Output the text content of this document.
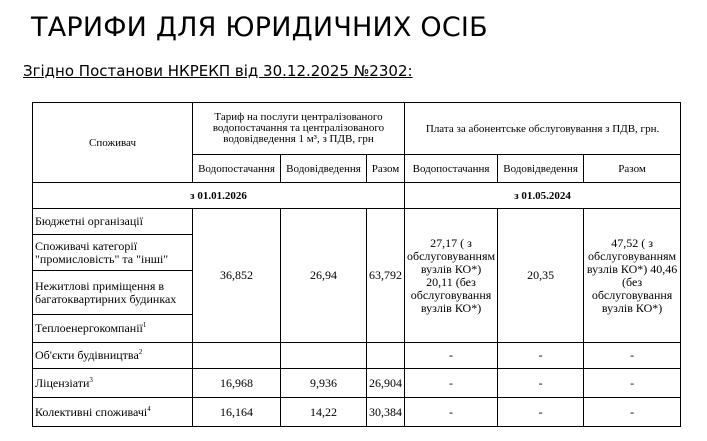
ТАРИФИ ДЛЯ ЮРИДИЧНИХ ОСІБ
Згідно Постанови НКРЕКП від 30.12.2025 №2302:
Споживач	Тариф на послуги централізованого водопостачання та централізованого водовідведення 1 м³, з ПДВ, грн			Плата за абонентське обслуговування з ПДВ, грн.		
	Водопостачання	Водовідведення	Разом	Водопостачання	Водовідведення	Разом
з 01.01.2026				з 01.05.2024		
Бюджетні організації	36,852	26,94	63,792	27,17 ( з обслуговуванням вузлів КО*) 20,11 (без обслуговування вузлів КО*)	20,35	47,52 ( з обслуговуванням вузлів КО*) 40,46 (без обслуговування вузлів КО*)
Споживачі категорії "промисловість" та "інші"						
Нежитлові приміщення в багатоквартирних будинках						
Теплоенергокомпанії$^1$
Об'єкти будівництва$^2$				-	-	-
Ліцензіати$^3$	16,968	9,936	26,904	-	-	-
Колективні споживачі$^4$	16,164	14,22	30,384	-	-	-
